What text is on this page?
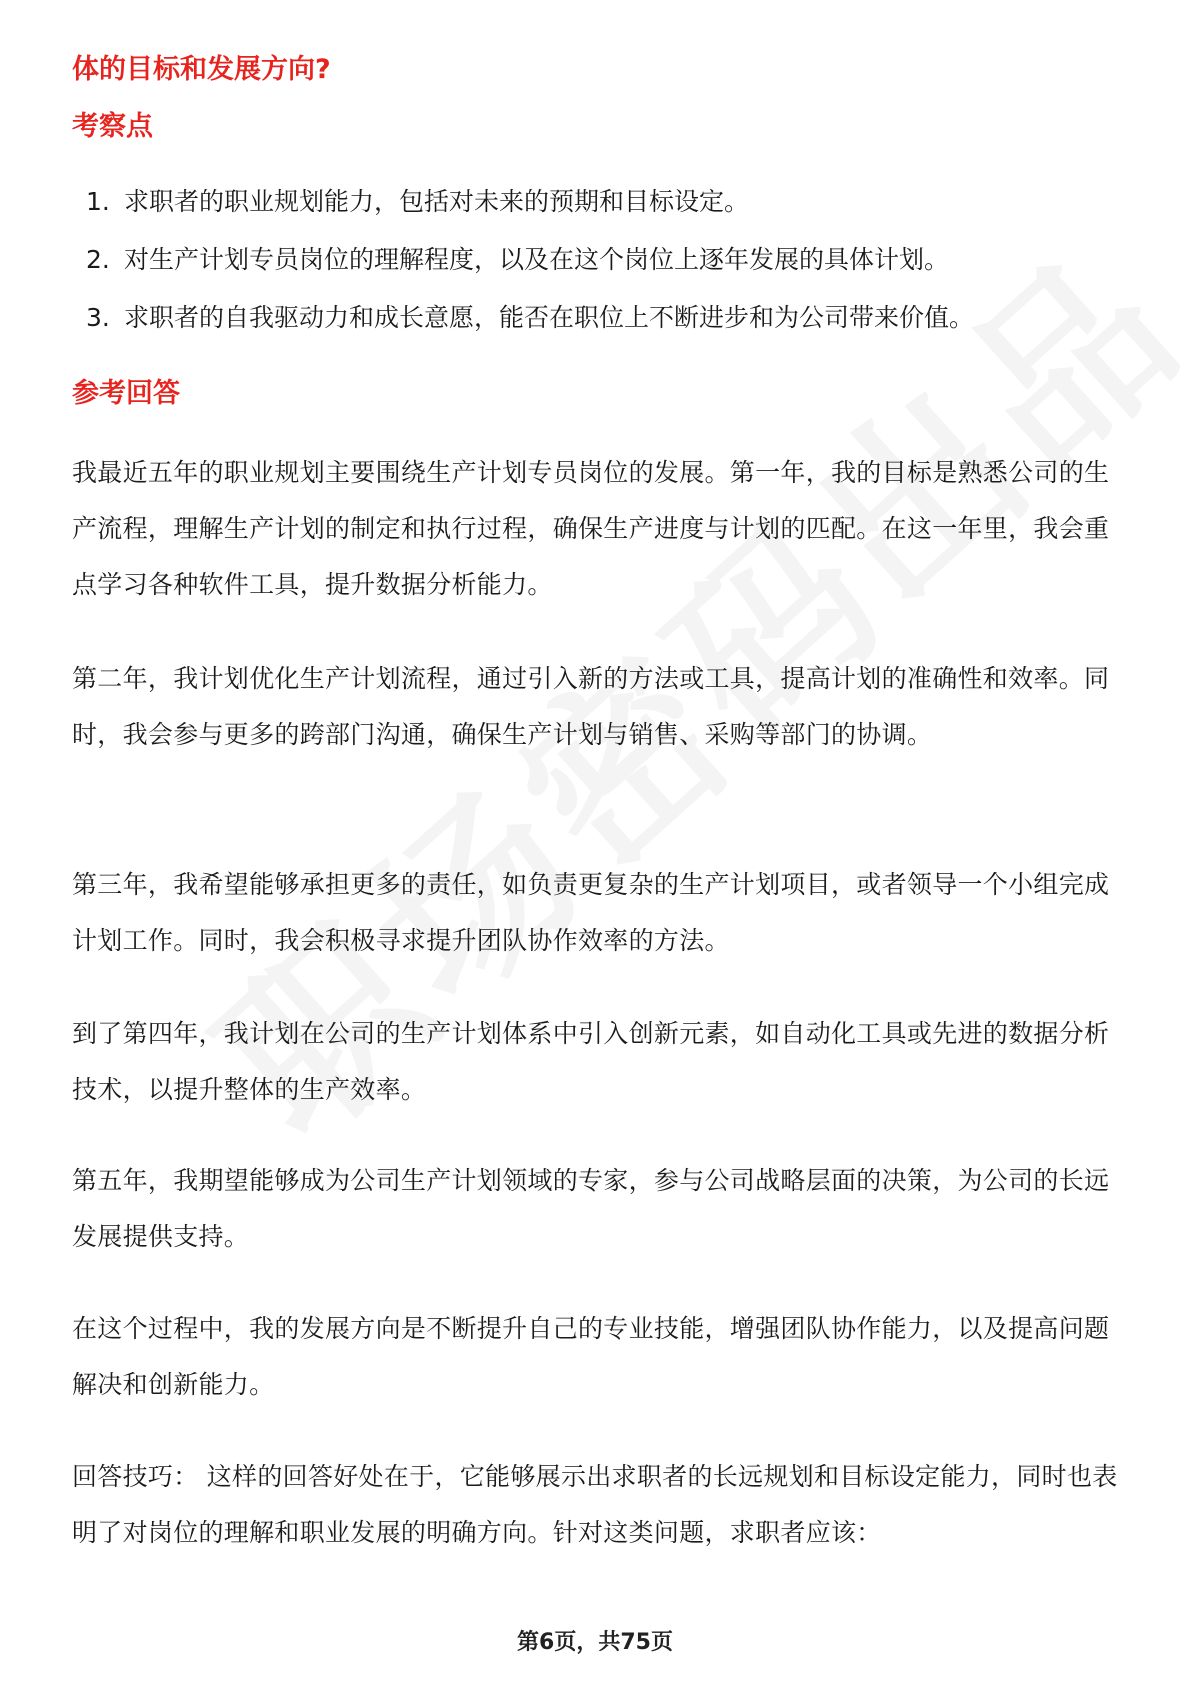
体的目标和发展方向?
考察点
1. 求职者的职业规划能力，包括对未来的预期和目标设定。
2. 对生产计划专员岗位的理解程度，以及在这个岗位上逐年发展的具体计划。
3. 求职者的自我驱动力和成长意愿，能否在职位上不断进步和为公司带来价值。
参考回答

我最近五年的职业规划主要围绕生产计划专员岗位的发展。第一年，我的目标是熟悉公司的生产流程，理解生产计划的制定和执行过程，确保生产进度与计划的匹配。在这一年里，我会重点学习各种软件工具，提升数据分析能力。

第二年，我计划优化生产计划流程，通过引入新的方法或工具，提高计划的准确性和效率。同时，我会参与更多的跨部门沟通，确保生产计划与销售、采购等部门的协调。

第三年，我希望能够承担更多的责任，如负责更复杂的生产计划项目，或者领导一个小组完成计划工作。同时，我会积极寻求提升团队协作效率的方法。

到了第四年，我计划在公司的生产计划体系中引入创新元素，如自动化工具或先进的数据分析技术，以提升整体的生产效率。

第五年，我期望能够成为公司生产计划领域的专家，参与公司战略层面的决策，为公司的长远发展提供支持。

在这个过程中，我的发展方向是不断提升自己的专业技能，增强团队协作能力，以及提高问题解决和创新能力。

回答技巧： 这样的回答好处在于，它能够展示出求职者的长远规划和目标设定能力，同时也表明了对岗位的理解和职业发展的明确方向。针对这类问题，求职者应该：

第6页，共75页
